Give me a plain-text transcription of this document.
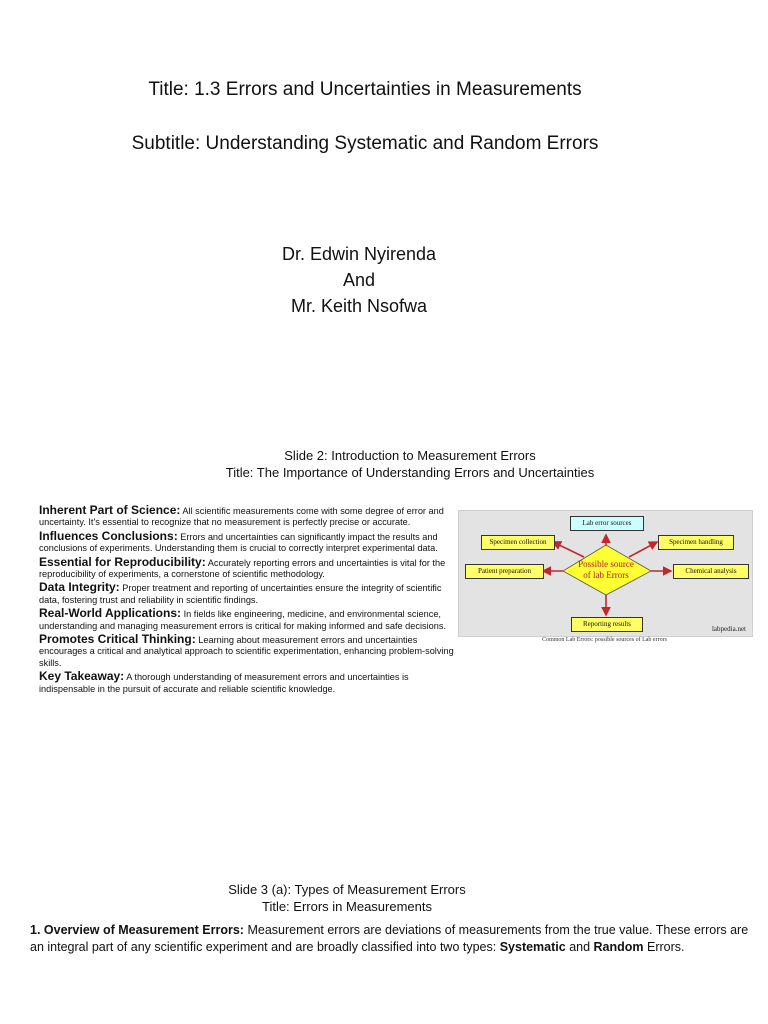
Title: 1.3 Errors and Uncertainties in Measurements
Subtitle: Understanding Systematic and Random Errors
Dr. Edwin Nyirenda
And
Mr. Keith Nsofwa
Slide 2: Introduction to Measurement Errors
Title: The Importance of Understanding Errors and Uncertainties
Inherent Part of Science: All scientific measurements come with some degree of error and uncertainty. It's essential to recognize that no measurement is perfectly precise or accurate.
Influences Conclusions: Errors and uncertainties can significantly impact the results and conclusions of experiments. Understanding them is crucial to correctly interpret experimental data.
Essential for Reproducibility: Accurately reporting errors and uncertainties is vital for the reproducibility of experiments, a cornerstone of scientific methodology.
Data Integrity: Proper treatment and reporting of uncertainties ensure the integrity of scientific data, fostering trust and reliability in scientific findings.
Real-World Applications: In fields like engineering, medicine, and environmental science, understanding and managing measurement errors is critical for making informed and safe decisions.
Promotes Critical Thinking: Learning about measurement errors and uncertainties encourages a critical and analytical approach to scientific experimentation, enhancing problem-solving skills.
Key Takeaway: A thorough understanding of measurement errors and uncertainties is indispensable in the pursuit of accurate and reliable scientific knowledge.
Possible source
of lab Errors
Lab error sources
Specimen collection
Patient preparation
Specimen handling
Chemical analysis
Reporting results
labpedia.net
Common Lab Errors: possible sources of Lab errors
Slide 3 (a): Types of Measurement Errors
Title: Errors in Measurements
1. Overview of Measurement Errors: Measurement errors are deviations of measurements from the true value. These errors are an integral part of any scientific experiment and are broadly classified into two types: Systematic and Random Errors.
